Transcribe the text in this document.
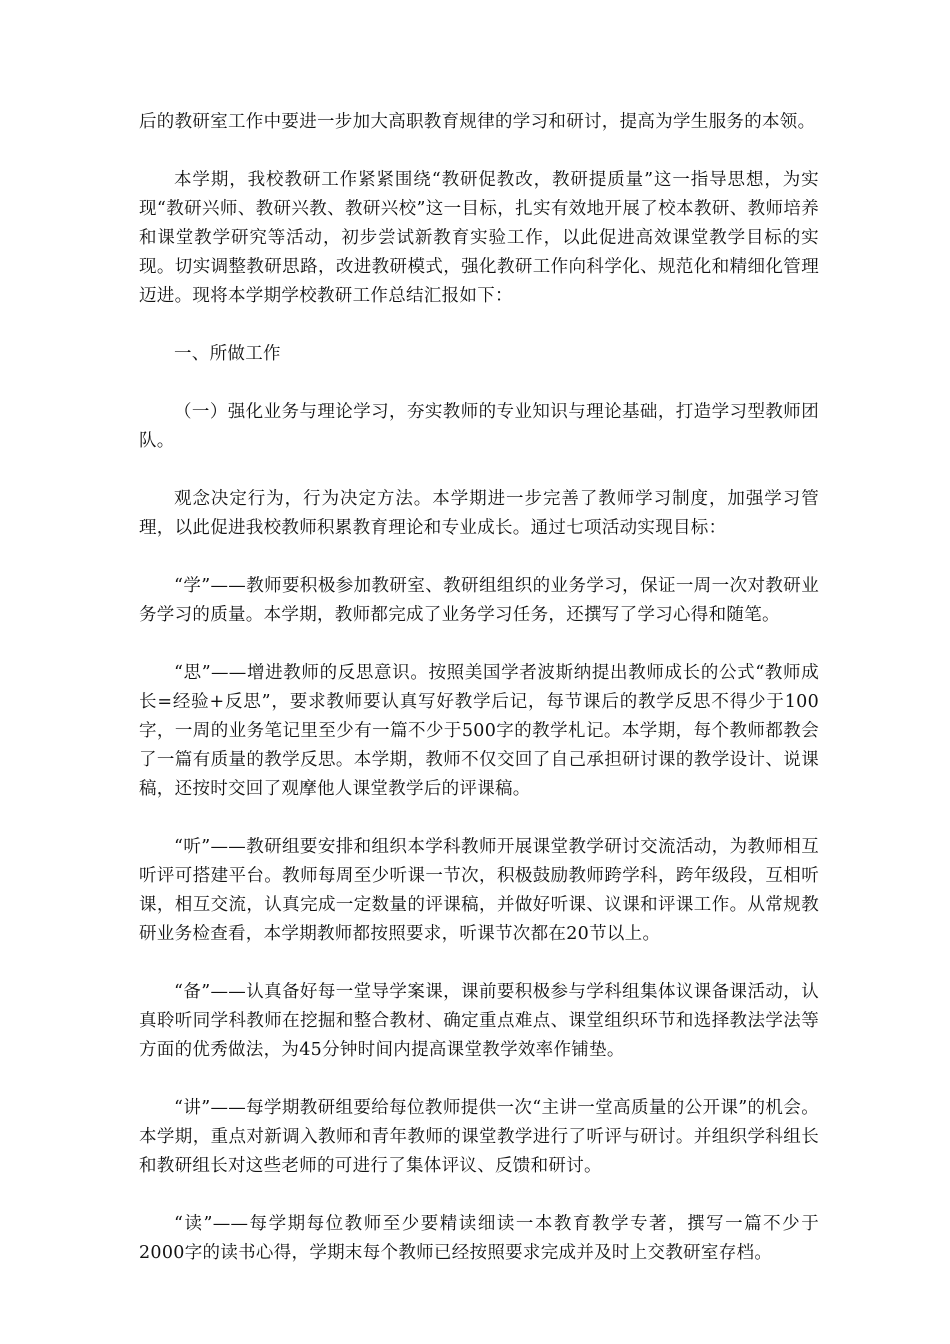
后的教研室工作中要进一步加大高职教育规律的学习和研讨，提高为学生服务的本领。

本学期，我校教研工作紧紧围绕“教研促教改，教研提质量”这一指导思想，为实现“教研兴师、教研兴教、教研兴校”这一目标，扎实有效地开展了校本教研、教师培养和课堂教学研究等活动，初步尝试新教育实验工作，以此促进高效课堂教学目标的实现。切实调整教研思路，改进教研模式，强化教研工作向科学化、规范化和精细化管理迈进。现将本学期学校教研工作总结汇报如下：

一、所做工作

（一）强化业务与理论学习，夯实教师的专业知识与理论基础，打造学习型教师团队。

观念决定行为，行为决定方法。本学期进一步完善了教师学习制度，加强学习管理，以此促进我校教师积累教育理论和专业成长。通过七项活动实现目标：

“学”——教师要积极参加教研室、教研组组织的业务学习，保证一周一次对教研业务学习的质量。本学期，教师都完成了业务学习任务，还撰写了学习心得和随笔。

“思”——增进教师的反思意识。按照美国学者波斯纳提出教师成长的公式“教师成长=经验+反思”，要求教师要认真写好教学后记，每节课后的教学反思不得少于100字，一周的业务笔记里至少有一篇不少于500字的教学札记。本学期，每个教师都教会了一篇有质量的教学反思。本学期，教师不仅交回了自己承担研讨课的教学设计、说课稿，还按时交回了观摩他人课堂教学后的评课稿。

“听”——教研组要安排和组织本学科教师开展课堂教学研讨交流活动，为教师相互听评可搭建平台。教师每周至少听课一节次，积极鼓励教师跨学科，跨年级段，互相听课，相互交流，认真完成一定数量的评课稿，并做好听课、议课和评课工作。从常规教研业务检查看，本学期教师都按照要求，听课节次都在20节以上。

“备”——认真备好每一堂导学案课，课前要积极参与学科组集体议课备课活动，认真聆听同学科教师在挖掘和整合教材、确定重点难点、课堂组织环节和选择教法学法等方面的优秀做法，为45分钟时间内提高课堂教学效率作铺垫。

“讲”——每学期教研组要给每位教师提供一次“主讲一堂高质量的公开课”的机会。本学期，重点对新调入教师和青年教师的课堂教学进行了听评与研讨。并组织学科组长和教研组长对这些老师的可进行了集体评议、反馈和研讨。

“读”——每学期每位教师至少要精读细读一本教育教学专著，撰写一篇不少于2000字的读书心得，学期末每个教师已经按照要求完成并及时上交教研室存档。
